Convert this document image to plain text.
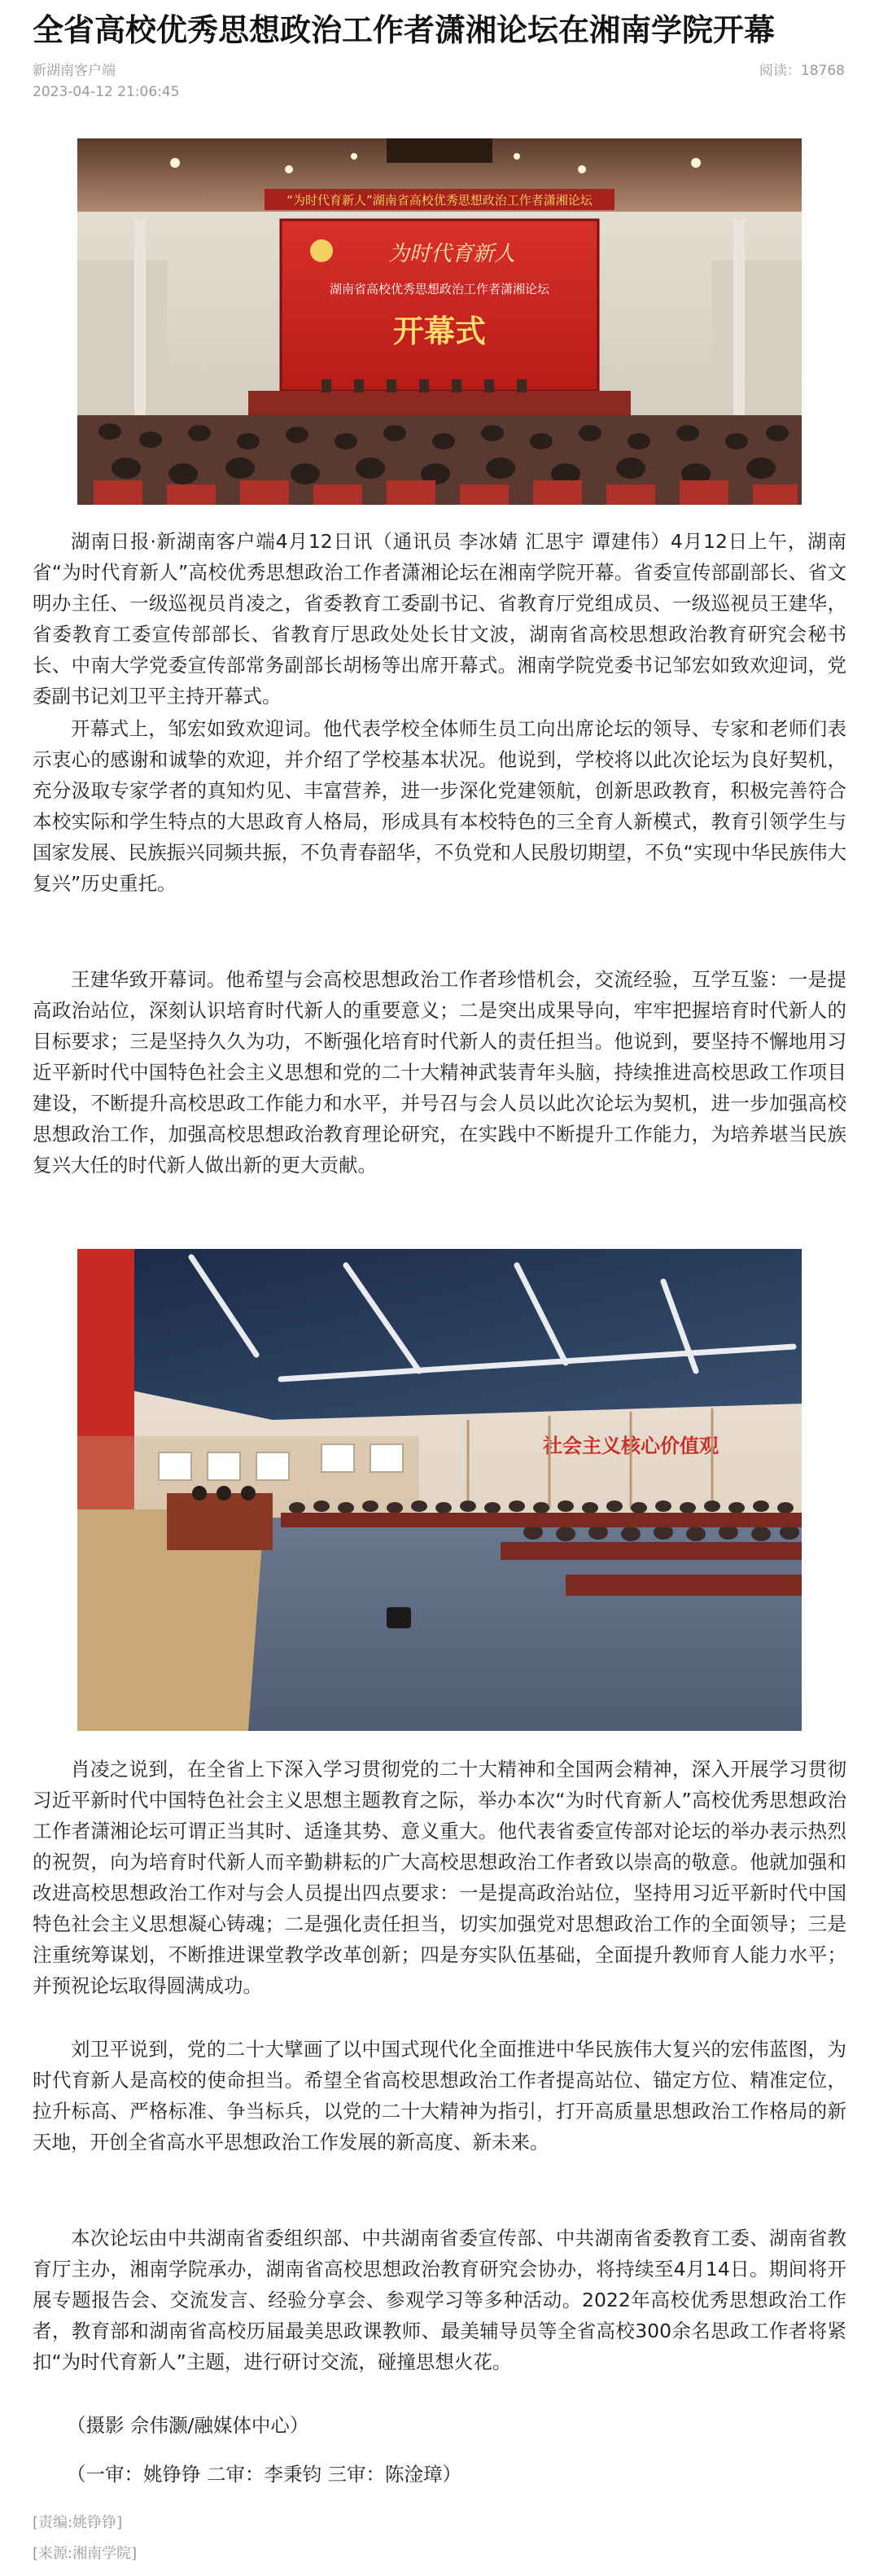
全省高校优秀思想政治工作者潇湘论坛在湘南学院开幕
新湖南客户端
2023-04-12 21:06:45
阅读：18768
“为时代育新人”湖南省高校优秀思想政治工作者潇湘论坛
为时代育新人
湖南省高校优秀思想政治工作者潇湘论坛
开幕式

湖南日报·新湖南客户端4月12日讯（通讯员 李冰婧 汇思宇 谭建伟）4月12日上午，湖南省“为时代育新人”高校优秀思想政治工作者潇湘论坛在湘南学院开幕。省委宣传部副部长、省文明办主任、一级巡视员肖凌之，省委教育工委副书记、省教育厅党组成员、一级巡视员王建华，省委教育工委宣传部部长、省教育厅思政处处长甘文波，湖南省高校思想政治教育研究会秘书长、中南大学党委宣传部常务副部长胡杨等出席开幕式。湘南学院党委书记邹宏如致欢迎词，党委副书记刘卫平主持开幕式。

开幕式上，邹宏如致欢迎词。他代表学校全体师生员工向出席论坛的领导、专家和老师们表示衷心的感谢和诚挚的欢迎，并介绍了学校基本状况。他说到，学校将以此次论坛为良好契机，充分汲取专家学者的真知灼见、丰富营养，进一步深化党建领航，创新思政教育，积极完善符合本校实际和学生特点的大思政育人格局，形成具有本校特色的三全育人新模式，教育引领学生与国家发展、民族振兴同频共振，不负青春韶华，不负党和人民殷切期望，不负“实现中华民族伟大复兴”历史重托。

王建华致开幕词。他希望与会高校思想政治工作者珍惜机会，交流经验，互学互鉴：一是提高政治站位，深刻认识培育时代新人的重要意义；二是突出成果导向，牢牢把握培育时代新人的目标要求；三是坚持久久为功，不断强化培育时代新人的责任担当。他说到，要坚持不懈地用习近平新时代中国特色社会主义思想和党的二十大精神武装青年头脑，持续推进高校思政工作项目建设，不断提升高校思政工作能力和水平，并号召与会人员以此次论坛为契机，进一步加强高校思想政治工作，加强高校思想政治教育理论研究，在实践中不断提升工作能力，为培养堪当民族复兴大任的时代新人做出新的更大贡献。

社会主义核心价值观

肖凌之说到，在全省上下深入学习贯彻党的二十大精神和全国两会精神，深入开展学习贯彻习近平新时代中国特色社会主义思想主题教育之际，举办本次“为时代育新人”高校优秀思想政治工作者潇湘论坛可谓正当其时、适逢其势、意义重大。他代表省委宣传部对论坛的举办表示热烈的祝贺，向为培育时代新人而辛勤耕耘的广大高校思想政治工作者致以崇高的敬意。他就加强和改进高校思想政治工作对与会人员提出四点要求：一是提高政治站位，坚持用习近平新时代中国特色社会主义思想凝心铸魂；二是强化责任担当，切实加强党对思想政治工作的全面领导；三是注重统筹谋划，不断推进课堂教学改革创新；四是夯实队伍基础，全面提升教师育人能力水平；并预祝论坛取得圆满成功。

刘卫平说到，党的二十大擘画了以中国式现代化全面推进中华民族伟大复兴的宏伟蓝图，为时代育新人是高校的使命担当。希望全省高校思想政治工作者提高站位、锚定方位、精准定位，拉升标高、严格标准、争当标兵，以党的二十大精神为指引，打开高质量思想政治工作格局的新天地，开创全省高水平思想政治工作发展的新高度、新未来。

本次论坛由中共湖南省委组织部、中共湖南省委宣传部、中共湖南省委教育工委、湖南省教育厅主办，湘南学院承办，湖南省高校思想政治教育研究会协办，将持续至4月14日。期间将开展专题报告会、交流发言、经验分享会、参观学习等多种活动。2022年高校优秀思想政治工作者，教育部和湖南省高校历届最美思政课教师、最美辅导员等全省高校300余名思政工作者将紧扣“为时代育新人”主题，进行研讨交流，碰撞思想火花。

（摄影 佘伟灏/融媒体中心）

（一审：姚铮铮 二审：李秉钧 三审：陈淦璋）

[责编:姚铮铮]
[来源:湘南学院]
